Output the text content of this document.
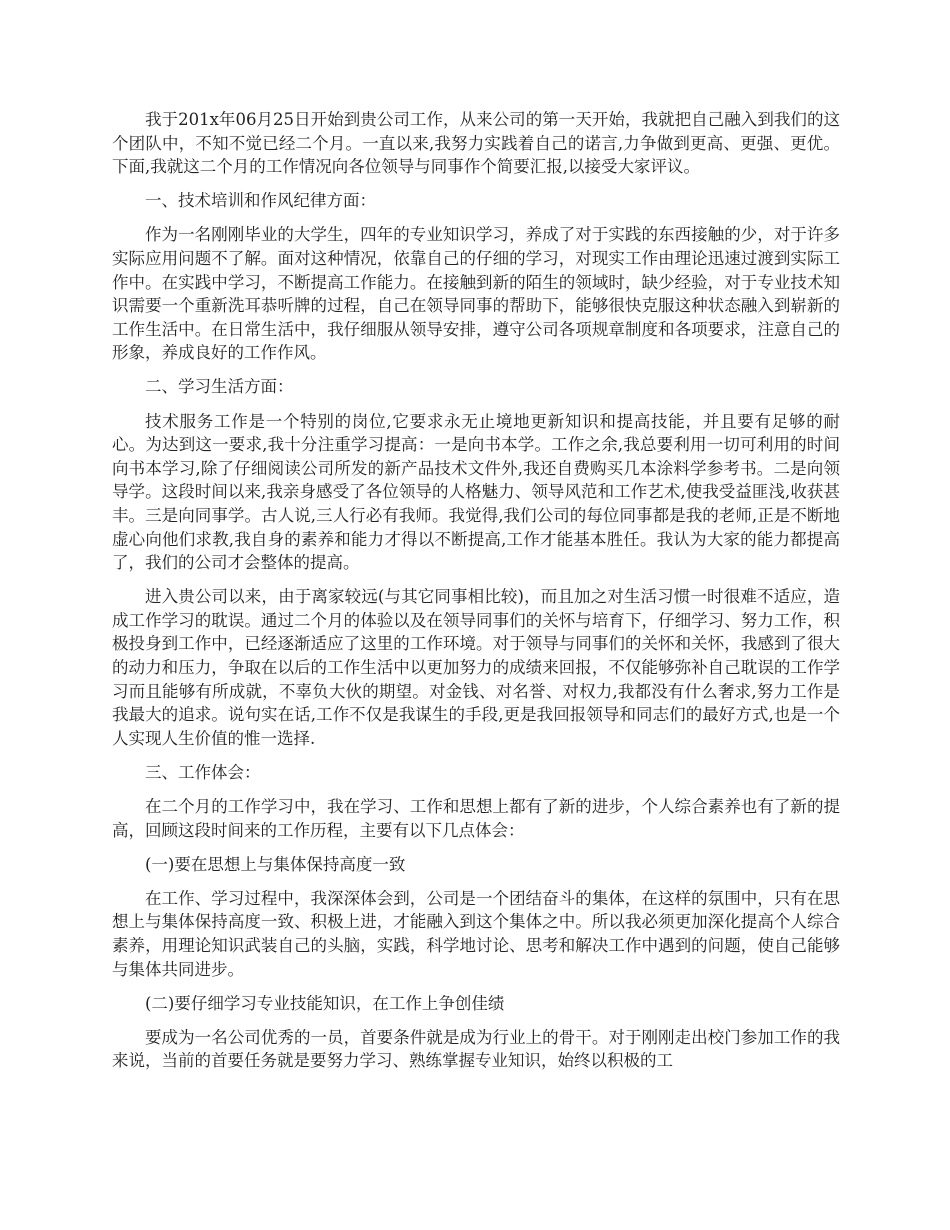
我于201x年06月25日开始到贵公司工作，从来公司的第一天开始，我就把自己融入到我们的这个团队中，不知不觉已经二个月。一直以来,我努力实践着自己的诺言,力争做到更高、更强、更优。下面,我就这二个月的工作情况向各位领导与同事作个简要汇报,以接受大家评议。

一、技术培训和作风纪律方面：

作为一名刚刚毕业的大学生，四年的专业知识学习，养成了对于实践的东西接触的少，对于许多实际应用问题不了解。面对这种情况，依靠自己的仔细的学习，对现实工作由理论迅速过渡到实际工作中。在实践中学习，不断提高工作能力。在接触到新的陌生的领域时，缺少经验，对于专业技术知识需要一个重新洗耳恭听牌的过程，自己在领导同事的帮助下，能够很快克服这种状态融入到崭新的工作生活中。在日常生活中，我仔细服从领导安排，遵守公司各项规章制度和各项要求，注意自己的形象，养成良好的工作作风。

二、学习生活方面：

技术服务工作是一个特别的岗位,它要求永无止境地更新知识和提高技能，并且要有足够的耐心。为达到这一要求,我十分注重学习提高：一是向书本学。工作之余,我总要利用一切可利用的时间向书本学习,除了仔细阅读公司所发的新产品技术文件外,我还自费购买几本涂料学参考书。二是向领导学。这段时间以来,我亲身感受了各位领导的人格魅力、领导风范和工作艺术,使我受益匪浅,收获甚丰。三是向同事学。古人说,三人行必有我师。我觉得,我们公司的每位同事都是我的老师,正是不断地虚心向他们求教,我自身的素养和能力才得以不断提高,工作才能基本胜任。我认为大家的能力都提高了，我们的公司才会整体的提高。

进入贵公司以来，由于离家较远(与其它同事相比较)，而且加之对生活习惯一时很难不适应，造成工作学习的耽误。通过二个月的体验以及在领导同事们的关怀与培育下，仔细学习、努力工作，积极投身到工作中，已经逐渐适应了这里的工作环境。对于领导与同事们的关怀和关怀，我感到了很大的动力和压力，争取在以后的工作生活中以更加努力的成绩来回报，不仅能够弥补自己耽误的工作学习而且能够有所成就，不辜负大伙的期望。对金钱、对名誉、对权力,我都没有什么奢求,努力工作是我最大的追求。说句实在话,工作不仅是我谋生的手段,更是我回报领导和同志们的最好方式,也是一个人实现人生价值的惟一选择.

三、工作体会：

在二个月的工作学习中，我在学习、工作和思想上都有了新的进步，个人综合素养也有了新的提高，回顾这段时间来的工作历程，主要有以下几点体会：

(一)要在思想上与集体保持高度一致

在工作、学习过程中，我深深体会到，公司是一个团结奋斗的集体，在这样的氛围中，只有在思想上与集体保持高度一致、积极上进，才能融入到这个集体之中。所以我必须更加深化提高个人综合素养，用理论知识武装自己的头脑，实践，科学地讨论、思考和解决工作中遇到的问题，使自己能够与集体共同进步。

(二)要仔细学习专业技能知识，在工作上争创佳绩

要成为一名公司优秀的一员，首要条件就是成为行业上的骨干。对于刚刚走出校门参加工作的我来说，当前的首要任务就是要努力学习、熟练掌握专业知识，始终以积极的工
